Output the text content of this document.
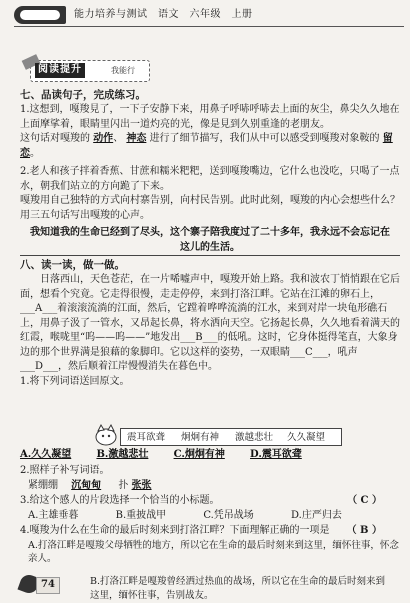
能力培养与测试　语文　六年级　上册
阅读提升	我能行
七、品读句子，完成练习。

1.这想到，嘎羧見了，一下子安静下来，用鼻子呼哧呼哧去上面的灰尘，鼻尖久久地在上面摩挲着，眼睛里闪出一道灼亮的光，像是見到久别重逢的老朋友。

这句话对嘎羧的 动作、 神态 进行了细节描写，我们从中可以感受到嘎羧对象鞍的 留恋。

2.老人和孩子拌着香蕉、甘蔗和糯米粑粑，送到嘎羧嘴边，它什么也没吃，只喝了一点水，朝我们站立的方向跪了下来。

嘎羧用自己独特的方式向村寨告别，向村民告别。此时此刻，嘎羧的内心会想些什么？用三五句话写出嘎羧的心声。

我知道我的生命已经到了尽头，这个寨子陪我度过了二十多年，我永远不会忘记在这儿的生活。

八、读一读，做一做。

日落西山，天色苍茫，在一片唏嘘声中，嘎羧开始上路。我和波农丁悄悄跟在它后面，想看个究竟。它走得很慢，走走停停，来到打洛江畔。它站在江滩的卵石上，___A___着滚滚流淌的江面，然后，它蹚着哗哗流淌的江水，来到对岸一块龟形礁石上，用鼻子汲了一管水，又昂起长鼻，将水洒向天空。它扬起长鼻，久久地看着满天的红霞，喉咙里“呜——呜——”地发出___B___的低吼。这时，它身体挺得笔直，大象身边的那个世界满是狼藉的象脚印。它以这样的姿势，一双眼睛___C___，吼声___D___，然后顺着江岸慢慢消失在暮色中。

1.将下列词语送回原文。

震耳欲聋 炯炯有神 激越悲壮 久久凝望
A.久久凝望	B.激越悲壮	C.炯炯有神	D.震耳欲聋

2.照样子补写词语。

紧绷绷 沉甸甸 扑 张张

3.给这个感人的片段选择一个恰当的小标题。	（ C ）

A.主雄垂暮	B.重披战甲	C.凭吊战场	D.庄严归去

4.嘎羧为什么在生命的最后时刻来到打洛江畔？下面理解正确的一项是	（ B ）

A.打洛江畔是嘎羧父母牺牲的地方，所以它在生命的最后时刻来到这里，缅怀往事，怀念亲人。

74	B.打洛江畔是嘎羧曾经洒过热血的战场，所以它在生命的最后时刻来到这里，缅怀往事，告别战友。
